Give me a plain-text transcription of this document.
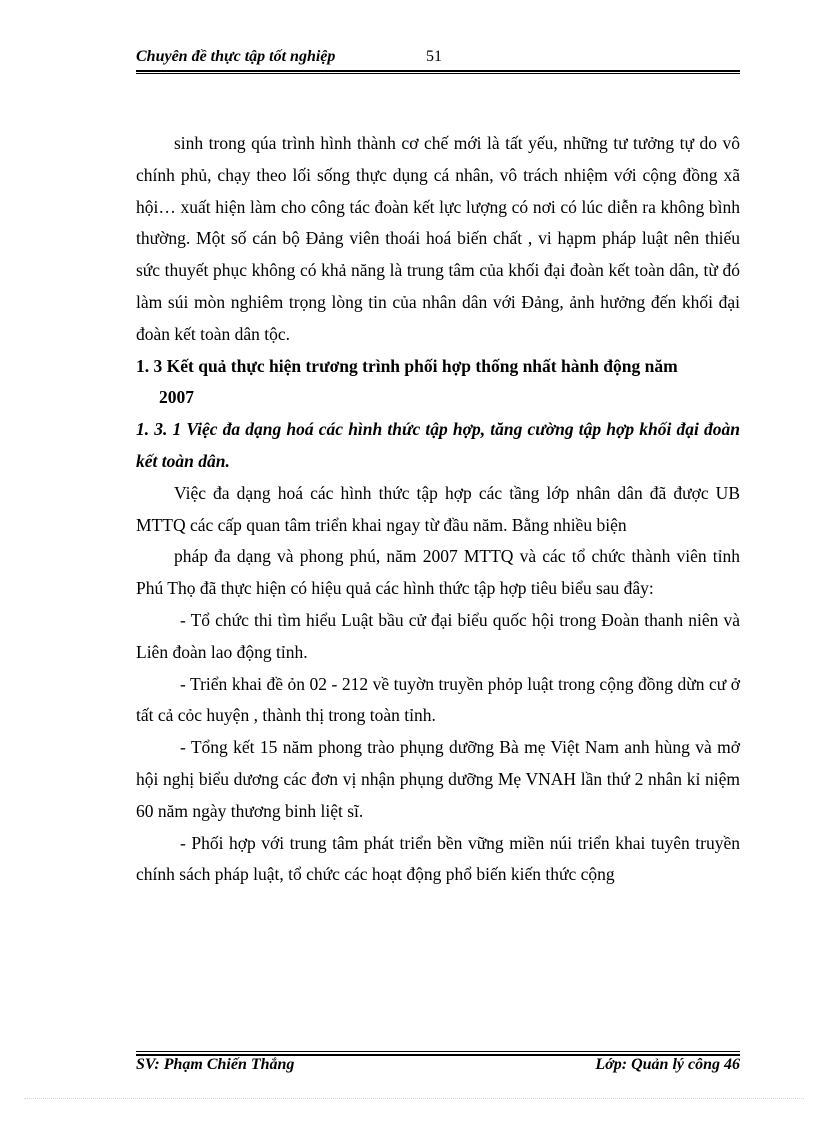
Chuyên đề thực tập tốt nghiệp	51

sinh trong qúa trình hình thành cơ chế mới là tất yếu, những tư tưởng tự do vô chính phủ, chạy theo lối sống thực dụng cá nhân, vô trách nhiệm với cộng đồng xã hội… xuất hiện làm cho công tác đoàn kết lực lượng có nơi có lúc diễn ra không bình thường. Một số cán bộ Đảng viên thoái hoá biến chất , vi hạpm pháp luật nên thiếu sức thuyết phục không có khả năng là trung tâm của khối đại đoàn kết toàn dân, từ đó làm súi mòn nghiêm trọng lòng tin của nhân dân với Đảng, ảnh hưởng đến khối đại đoàn kết toàn dân tộc.

1. 3 Kết quả thực hiện trương trình phối hợp thống nhất hành động năm

2007

1. 3. 1 Việc đa dạng hoá các hình thức tập hợp, tăng cường tập hợp khối đại đoàn kết toàn dân.

Việc đa dạng hoá các hình thức tập hợp các tầng lớp nhân dân đã được UB MTTQ các cấp quan tâm triển khai ngay từ đầu năm. Bằng nhiều biện

pháp đa dạng và phong phú, năm 2007 MTTQ và các tổ chức thành viên tỉnh Phú Thọ đã thực hiện có hiệu quả các hình thức tập hợp tiêu biểu sau đây:

- Tổ chức thi tìm hiểu Luật bầu cử đại biểu quốc hội trong Đoàn thanh niên và Liên đoàn lao động tỉnh.

- Triển khai đề ỏn 02 - 212 về tuyờn truyền phỏp luật trong cộng đồng dừn cư ở tất cả cỏc huyện , thành thị trong toàn tỉnh.

- Tổng kết 15 năm phong trào phụng dưỡng Bà mẹ Việt Nam anh hùng và mở hội nghị biểu dương các đơn vị nhận phụng dưỡng Mẹ VNAH lần thứ 2 nhân kỉ niệm 60 năm ngày thương binh liệt sĩ.

- Phối hợp với trung tâm phát triển bền vững miền núi triển khai tuyên truyền chính sách pháp luật, tổ chức các hoạt động phổ biến kiến thức cộng

SV: Phạm Chiến Thắng	Lớp: Quản lý công 46
